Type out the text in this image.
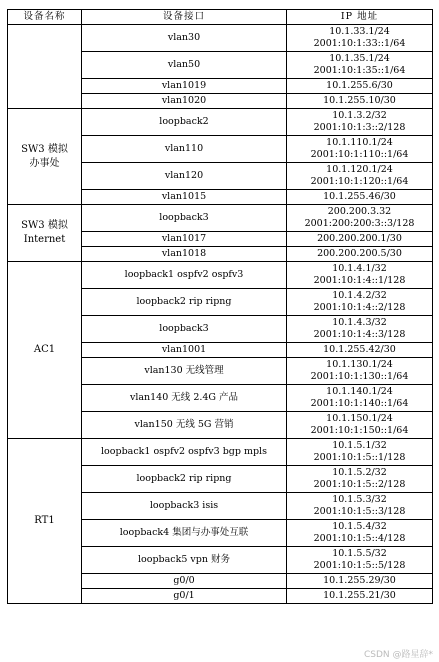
设备名称	设备接口	IP 地址
	vlan30	10.1.33.1/24
2001:10:1:33::1/64

	vlan50	10.1.35.1/24
2001:10:1:35::1/64

	vlan1019	10.1.255.6/30

	vlan1020	10.1.255.10/30

SW3 模拟
办事处	loopback2	10.1.3.2/32
2001:10:1:3::2/128

	vlan110	10.1.110.1/24
2001:10:1:110::1/64

	vlan120	10.1.120.1/24
2001:10:1:120::1/64

	vlan1015	10.1.255.46/30

SW3 模拟
Internet	loopback3	200.200.3.32
2001:200:200:3::3/128

	vlan1017	200.200.200.1/30

	vlan1018	200.200.200.5/30

AC1	loopback1 ospfv2 ospfv3	10.1.4.1/32
2001:10:1:4::1/128

	loopback2 rip ripng	10.1.4.2/32
2001:10:1:4::2/128

	loopback3	10.1.4.3/32
2001:10:1:4::3/128

	vlan1001	10.1.255.42/30

	vlan130 无线管理	10.1.130.1/24
2001:10:1:130::1/64

	vlan140 无线 2.4G 产品	10.1.140.1/24
2001:10:1:140::1/64

	vlan150 无线 5G 营销	10.1.150.1/24
2001:10:1:150::1/64

RT1	loopback1 ospfv2 ospfv3 bgp mpls	10.1.5.1/32
2001:10:1:5::1/128

	loopback2 rip ripng	10.1.5.2/32
2001:10:1:5::2/128

	loopback3 isis	10.1.5.3/32
2001:10:1:5::3/128

	loopback4 集团与办事处互联	10.1.5.4/32
2001:10:1:5::4/128

	loopback5 vpn 财务	10.1.5.5/32
2001:10:1:5::5/128

	g0/0	10.1.255.29/30

	g0/1	10.1.255.21/30
CSDN @路星辞*
